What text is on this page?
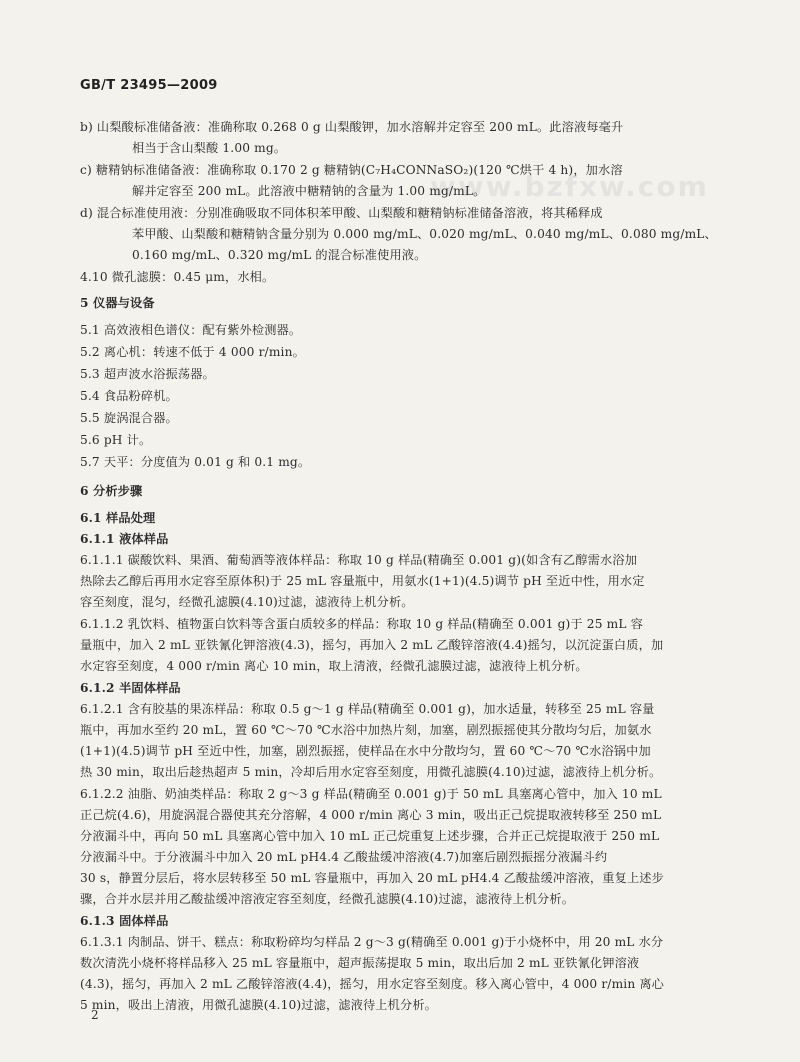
www.bzfxw.com
GB/T 23495—2009
b) 山梨酸标准储备液：准确称取 0.268 0 g 山梨酸钾，加水溶解并定容至 200 mL。此溶液每毫升
相当于含山梨酸 1.00 mg。
c) 糖精钠标准储备液：准确称取 0.170 2 g 糖精钠(C₇H₄CONNaSO₂)(120 ℃烘干 4 h)，加水溶
解并定容至 200 mL。此溶液中糖精钠的含量为 1.00 mg/mL。
d) 混合标准使用液：分别准确吸取不同体积苯甲酸、山梨酸和糖精钠标准储备溶液，将其稀释成
苯甲酸、山梨酸和糖精钠含量分别为 0.000 mg/mL、0.020 mg/mL、0.040 mg/mL、0.080 mg/mL、
0.160 mg/mL、0.320 mg/mL 的混合标准使用液。
4.10 微孔滤膜：0.45 μm，水相。
5 仪器与设备
5.1 高效液相色谱仪：配有紫外检测器。
5.2 离心机：转速不低于 4 000 r/min。
5.3 超声波水浴振荡器。
5.4 食品粉碎机。
5.5 旋涡混合器。
5.6 pH 计。
5.7 天平：分度值为 0.01 g 和 0.1 mg。
6 分析步骤
6.1 样品处理
6.1.1 液体样品
6.1.1.1 碳酸饮料、果酒、葡萄酒等液体样品：称取 10 g 样品(精确至 0.001 g)(如含有乙醇需水浴加
热除去乙醇后再用水定容至原体积)于 25 mL 容量瓶中，用氨水(1+1)(4.5)调节 pH 至近中性，用水定
容至刻度，混匀，经微孔滤膜(4.10)过滤，滤液待上机分析。
6.1.1.2 乳饮料、植物蛋白饮料等含蛋白质较多的样品：称取 10 g 样品(精确至 0.001 g)于 25 mL 容
量瓶中，加入 2 mL 亚铁氰化钾溶液(4.3)，摇匀，再加入 2 mL 乙酸锌溶液(4.4)摇匀，以沉淀蛋白质，加
水定容至刻度，4 000 r/min 离心 10 min，取上清液，经微孔滤膜过滤，滤液待上机分析。
6.1.2 半固体样品
6.1.2.1 含有胶基的果冻样品：称取 0.5 g～1 g 样品(精确至 0.001 g)，加水适量，转移至 25 mL 容量
瓶中，再加水至约 20 mL，置 60 ℃～70 ℃水浴中加热片刻，加塞，剧烈振摇使其分散均匀后，加氨水
(1+1)(4.5)调节 pH 至近中性，加塞，剧烈振摇，使样品在水中分散均匀，置 60 ℃～70 ℃水浴锅中加
热 30 min，取出后趁热超声 5 min，冷却后用水定容至刻度，用微孔滤膜(4.10)过滤，滤液待上机分析。
6.1.2.2 油脂、奶油类样品：称取 2 g～3 g 样品(精确至 0.001 g)于 50 mL 具塞离心管中，加入 10 mL
正己烷(4.6)，用旋涡混合器使其充分溶解，4 000 r/min 离心 3 min，吸出正己烷提取液转移至 250 mL
分液漏斗中，再向 50 mL 具塞离心管中加入 10 mL 正己烷重复上述步骤，合并正己烷提取液于 250 mL
分液漏斗中。于分液漏斗中加入 20 mL pH4.4 乙酸盐缓冲溶液(4.7)加塞后剧烈振摇分液漏斗约
30 s，静置分层后，将水层转移至 50 mL 容量瓶中，再加入 20 mL pH4.4 乙酸盐缓冲溶液，重复上述步
骤，合并水层并用乙酸盐缓冲溶液定容至刻度，经微孔滤膜(4.10)过滤，滤液待上机分析。
6.1.3 固体样品
6.1.3.1 肉制品、饼干、糕点：称取粉碎均匀样品 2 g～3 g(精确至 0.001 g)于小烧杯中，用 20 mL 水分
数次清洗小烧杯将样品移入 25 mL 容量瓶中，超声振荡提取 5 min，取出后加 2 mL 亚铁氰化钾溶液
(4.3)，摇匀，再加入 2 mL 乙酸锌溶液(4.4)，摇匀，用水定容至刻度。移入离心管中，4 000 r/min 离心
5 min，吸出上清液，用微孔滤膜(4.10)过滤，滤液待上机分析。
2
